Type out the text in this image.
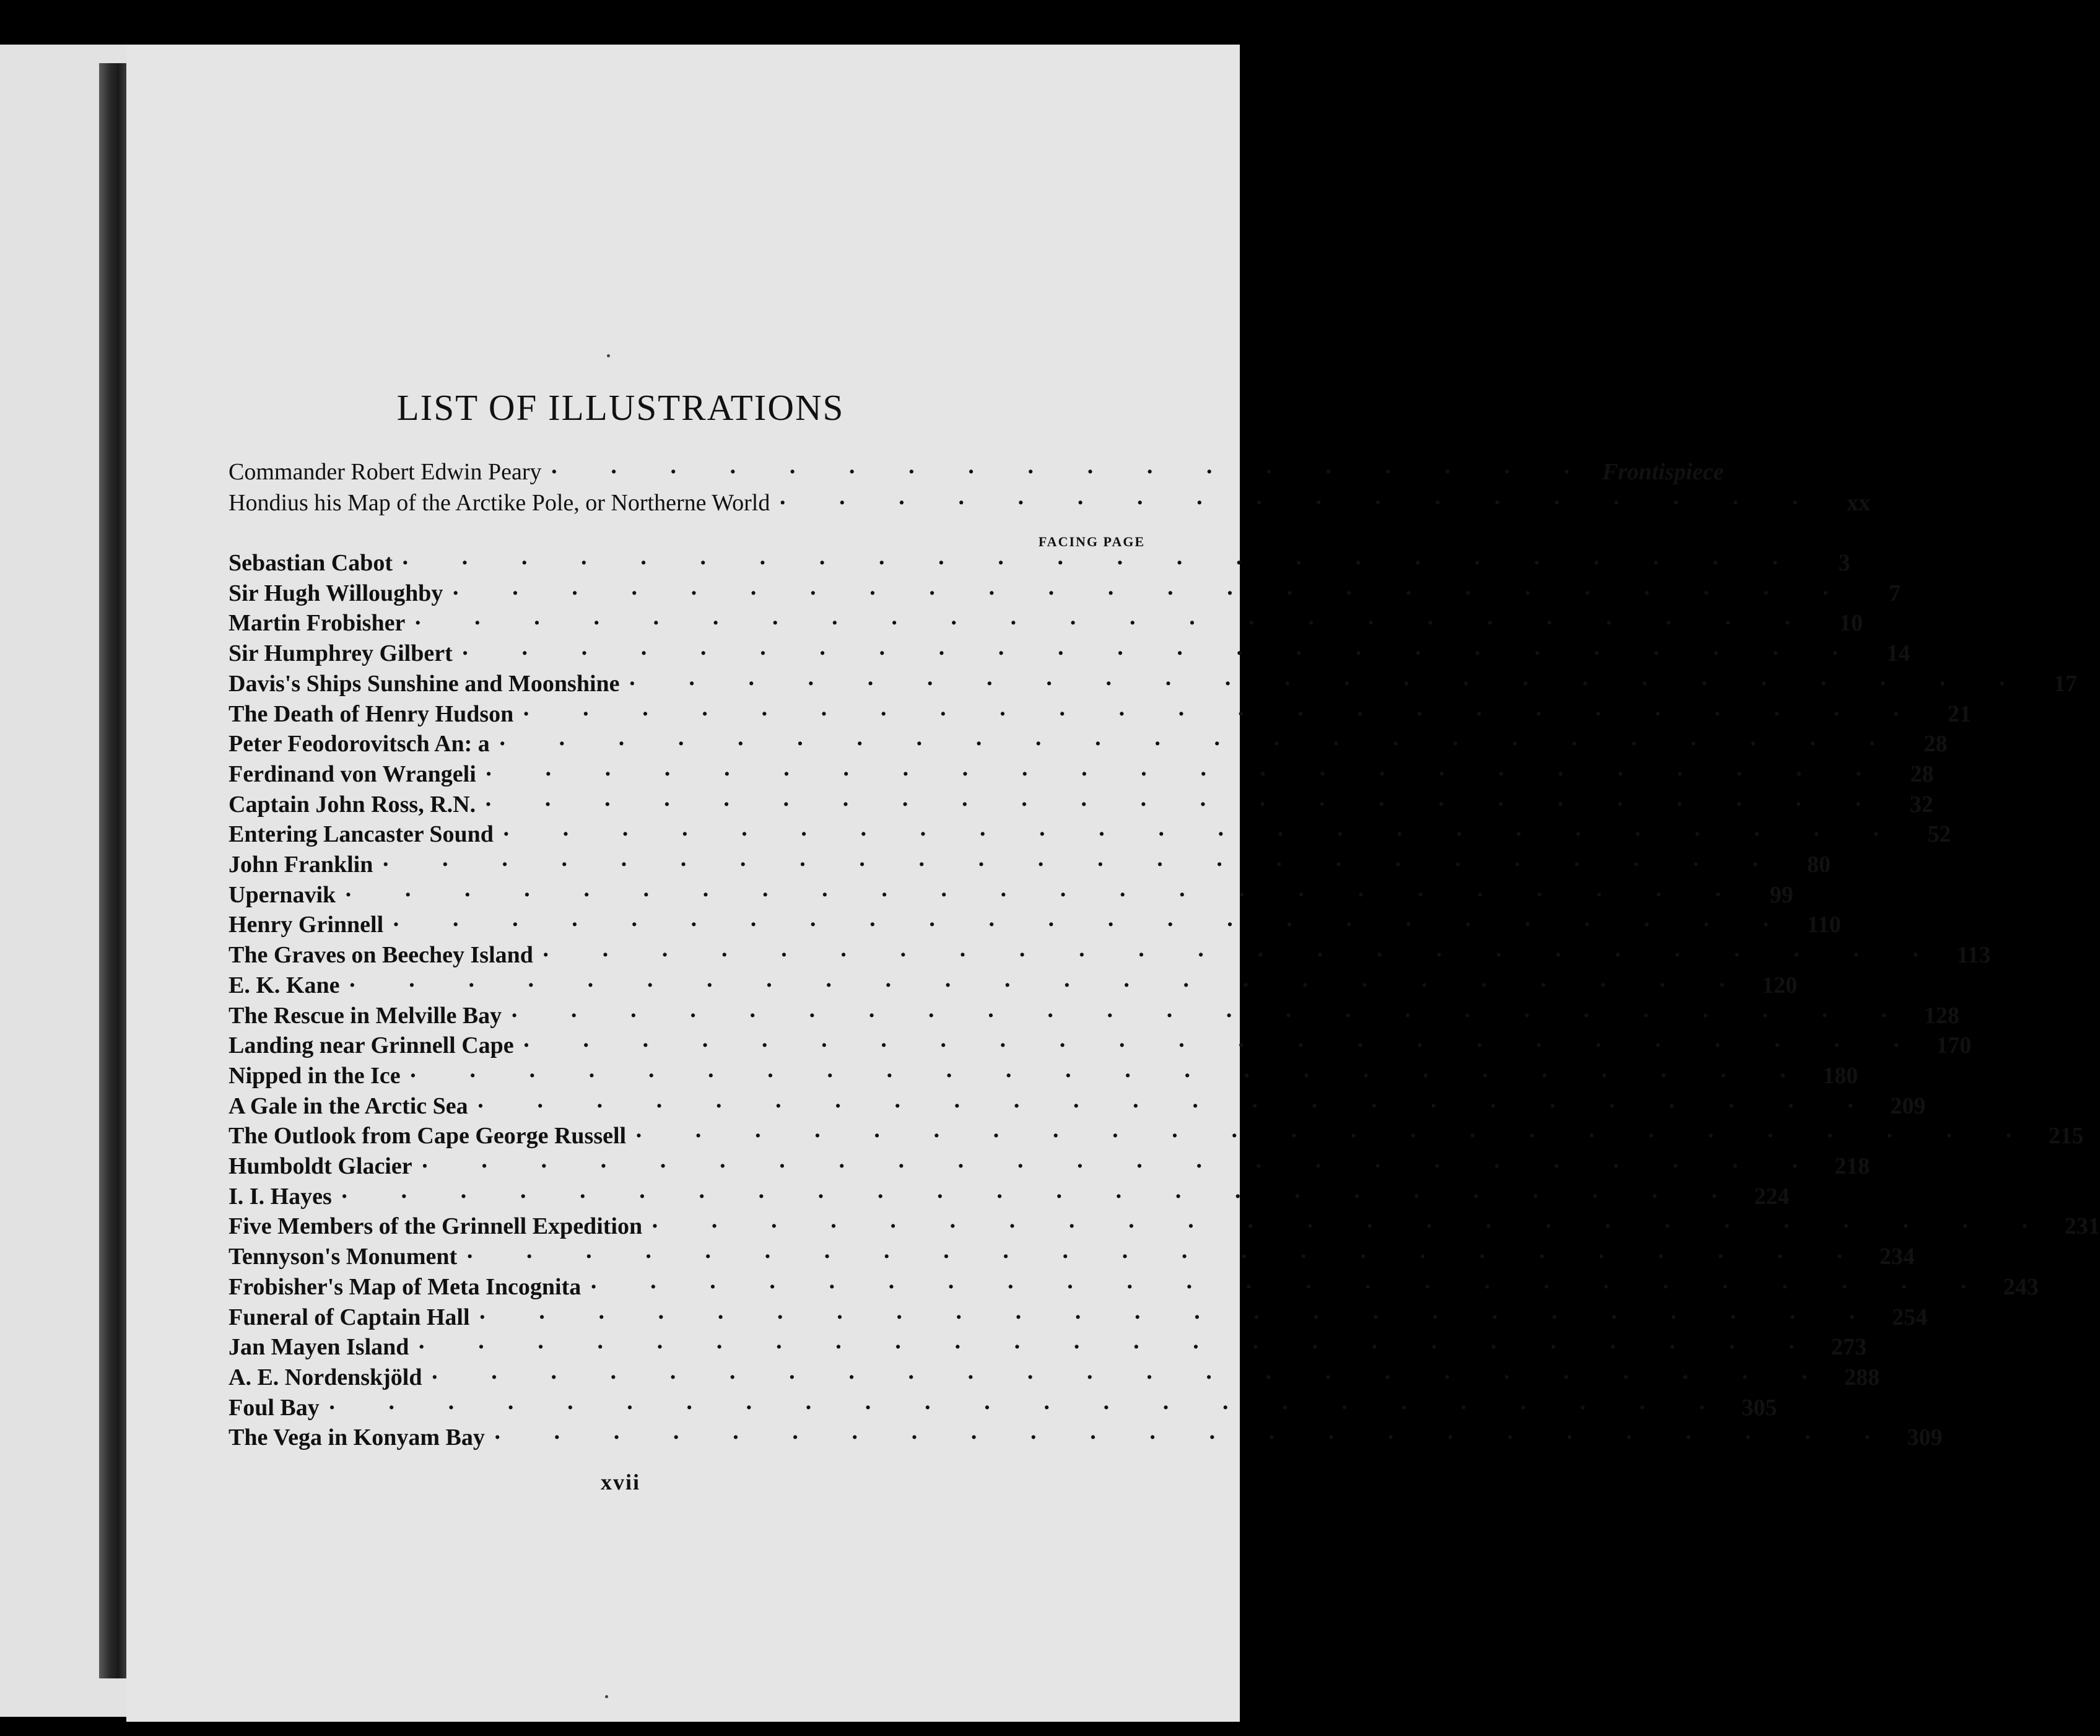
LIST OF ILLUSTRATIONS
Commander Robert Edwin Peary · · · · · · · · · · · · · · · · · · Frontispiece
Hondius his Map of the Arctike Pole, or Northerne World · · · · · · · · · · · · · · · · · ·	xx
FACING PAGE
Sebastian Cabot · · · · · · · · · · · · · · · · · · · · · · · ·	3
Sir Hugh Willoughby · · · · · · · · · · · · · · · · · · · · · · · ·	7
Martin Frobisher · · · · · · · · · · · · · · · · · · · · · · · ·	10
Sir Humphrey Gilbert · · · · · · · · · · · · · · · · · · · · · · · ·	14
Davis's Ships Sunshine and Moonshine · · · · · · · · · · · · · · · · · · · · · · · ·	17
The Death of Henry Hudson · · · · · · · · · · · · · · · · · · · · · · · ·	21
Peter Feodorovitsch An: a · · · · · · · · · · · · · · · · · · · · · · · ·	28
Ferdinand von Wrangeli · · · · · · · · · · · · · · · · · · · · · · · ·	28
Captain John Ross, R.N. · · · · · · · · · · · · · · · · · · · · · · · ·	32
Entering Lancaster Sound · · · · · · · · · · · · · · · · · · · · · · · ·	52
John Franklin · · · · · · · · · · · · · · · · · · · · · · · ·	80
Upernavik · · · · · · · · · · · · · · · · · · · · · · · ·	99
Henry Grinnell · · · · · · · · · · · · · · · · · · · · · · · · 110
The Graves on Beechey Island · · · · · · · · · · · · · · · · · · · · · · · · 113
E. K. Kane · · · · · · · · · · · · · · · · · · · · · · · · 120
The Rescue in Melville Bay · · · · · · · · · · · · · · · · · · · · · · · · 128
Landing near Grinnell Cape · · · · · · · · · · · · · · · · · · · · · · · · 170
Nipped in the Ice · · · · · · · · · · · · · · · · · · · · · · · · 180
A Gale in the Arctic Sea · · · · · · · · · · · · · · · · · · · · · · · · 209
The Outlook from Cape George Russell · · · · · · · · · · · · · · · · · · · · · · · · 215
Humboldt Glacier · · · · · · · · · · · · · · · · · · · · · · · · 218
I. I. Hayes · · · · · · · · · · · · · · · · · · · · · · · · 224
Five Members of the Grinnell Expedition · · · · · · · · · · · · · · · · · · · · · · · · 231
Tennyson's Monument · · · · · · · · · · · · · · · · · · · · · · · · 234
Frobisher's Map of Meta Incognita · · · · · · · · · · · · · · · · · · · · · · · · 243
Funeral of Captain Hall · · · · · · · · · · · · · · · · · · · · · · · · 254
Jan Mayen Island · · · · · · · · · · · · · · · · · · · · · · · · 273
A. E. Nordenskjöld · · · · · · · · · · · · · · · · · · · · · · · · 288
Foul Bay · · · · · · · · · · · · · · · · · · · · · · · · 305
The Vega in Konyam Bay · · · · · · · · · · · · · · · · · · · · · · · · 309
xvii
